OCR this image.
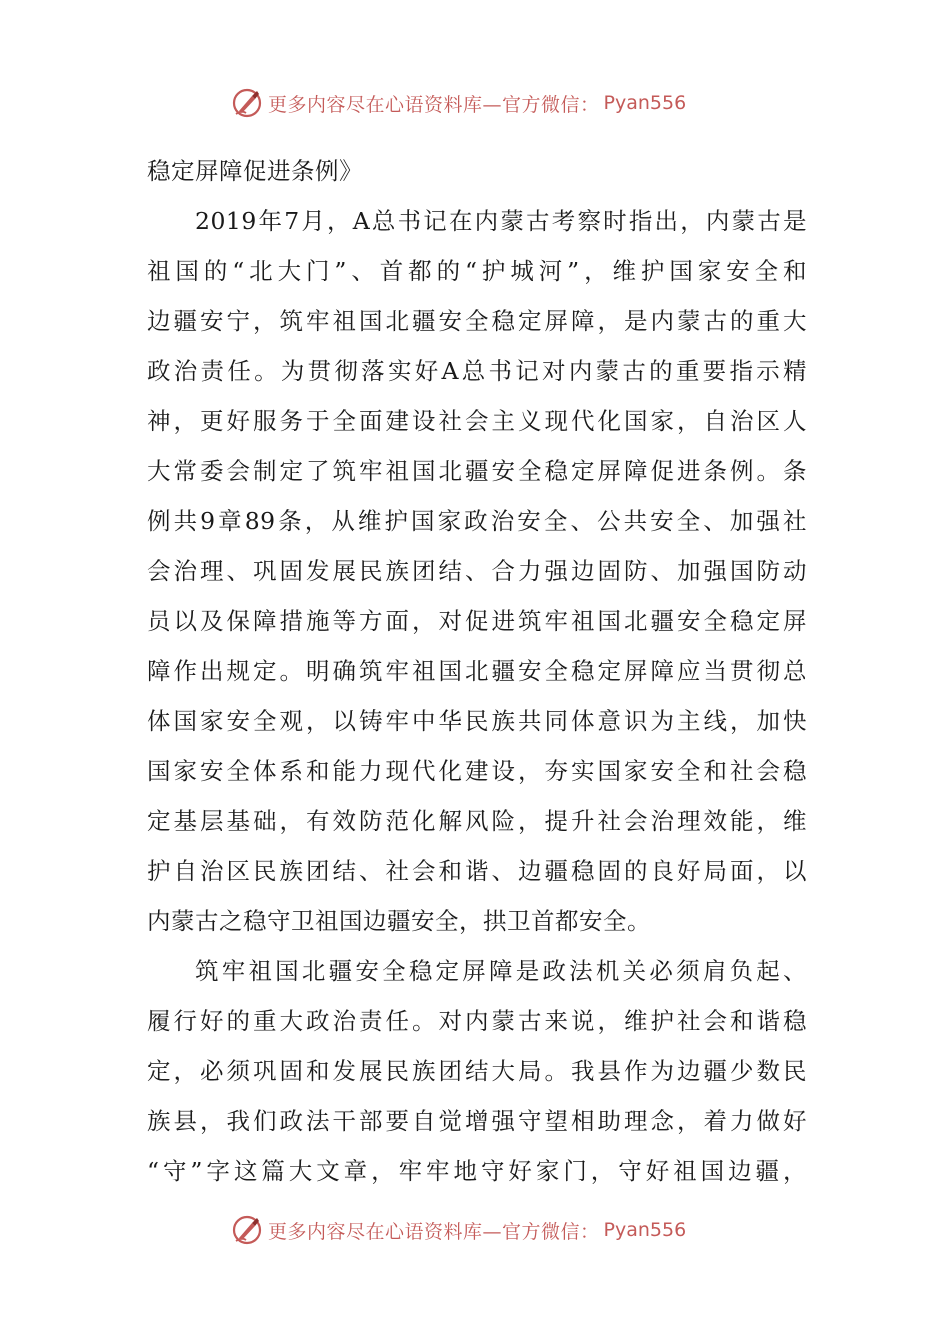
更多内容尽在心语资料库—官方微信： Pyan556
稳定屏障促进条例》
2019年7月，A总书记在内蒙古考察时指出，内蒙古是
祖国的“北大门”、首都的“护城河”，维护国家安全和
边疆安宁，筑牢祖国北疆安全稳定屏障，是内蒙古的重大
政治责任。为贯彻落实好A总书记对内蒙古的重要指示精
神，更好服务于全面建设社会主义现代化国家，自治区人
大常委会制定了筑牢祖国北疆安全稳定屏障促进条例。条
例共9章89条，从维护国家政治安全、公共安全、加强社
会治理、巩固发展民族团结、合力强边固防、加强国防动
员以及保障措施等方面，对促进筑牢祖国北疆安全稳定屏
障作出规定。明确筑牢祖国北疆安全稳定屏障应当贯彻总
体国家安全观，以铸牢中华民族共同体意识为主线，加快
国家安全体系和能力现代化建设，夯实国家安全和社会稳
定基层基础，有效防范化解风险，提升社会治理效能，维
护自治区民族团结、社会和谐、边疆稳固的良好局面，以
内蒙古之稳守卫祖国边疆安全，拱卫首都安全。
筑牢祖国北疆安全稳定屏障是政法机关必须肩负起、
履行好的重大政治责任。对内蒙古来说，维护社会和谐稳
定，必须巩固和发展民族团结大局。我县作为边疆少数民
族县，我们政法干部要自觉增强守望相助理念，着力做好
“守”字这篇大文章，牢牢地守好家门，守好祖国边疆，
更多内容尽在心语资料库—官方微信： Pyan556
